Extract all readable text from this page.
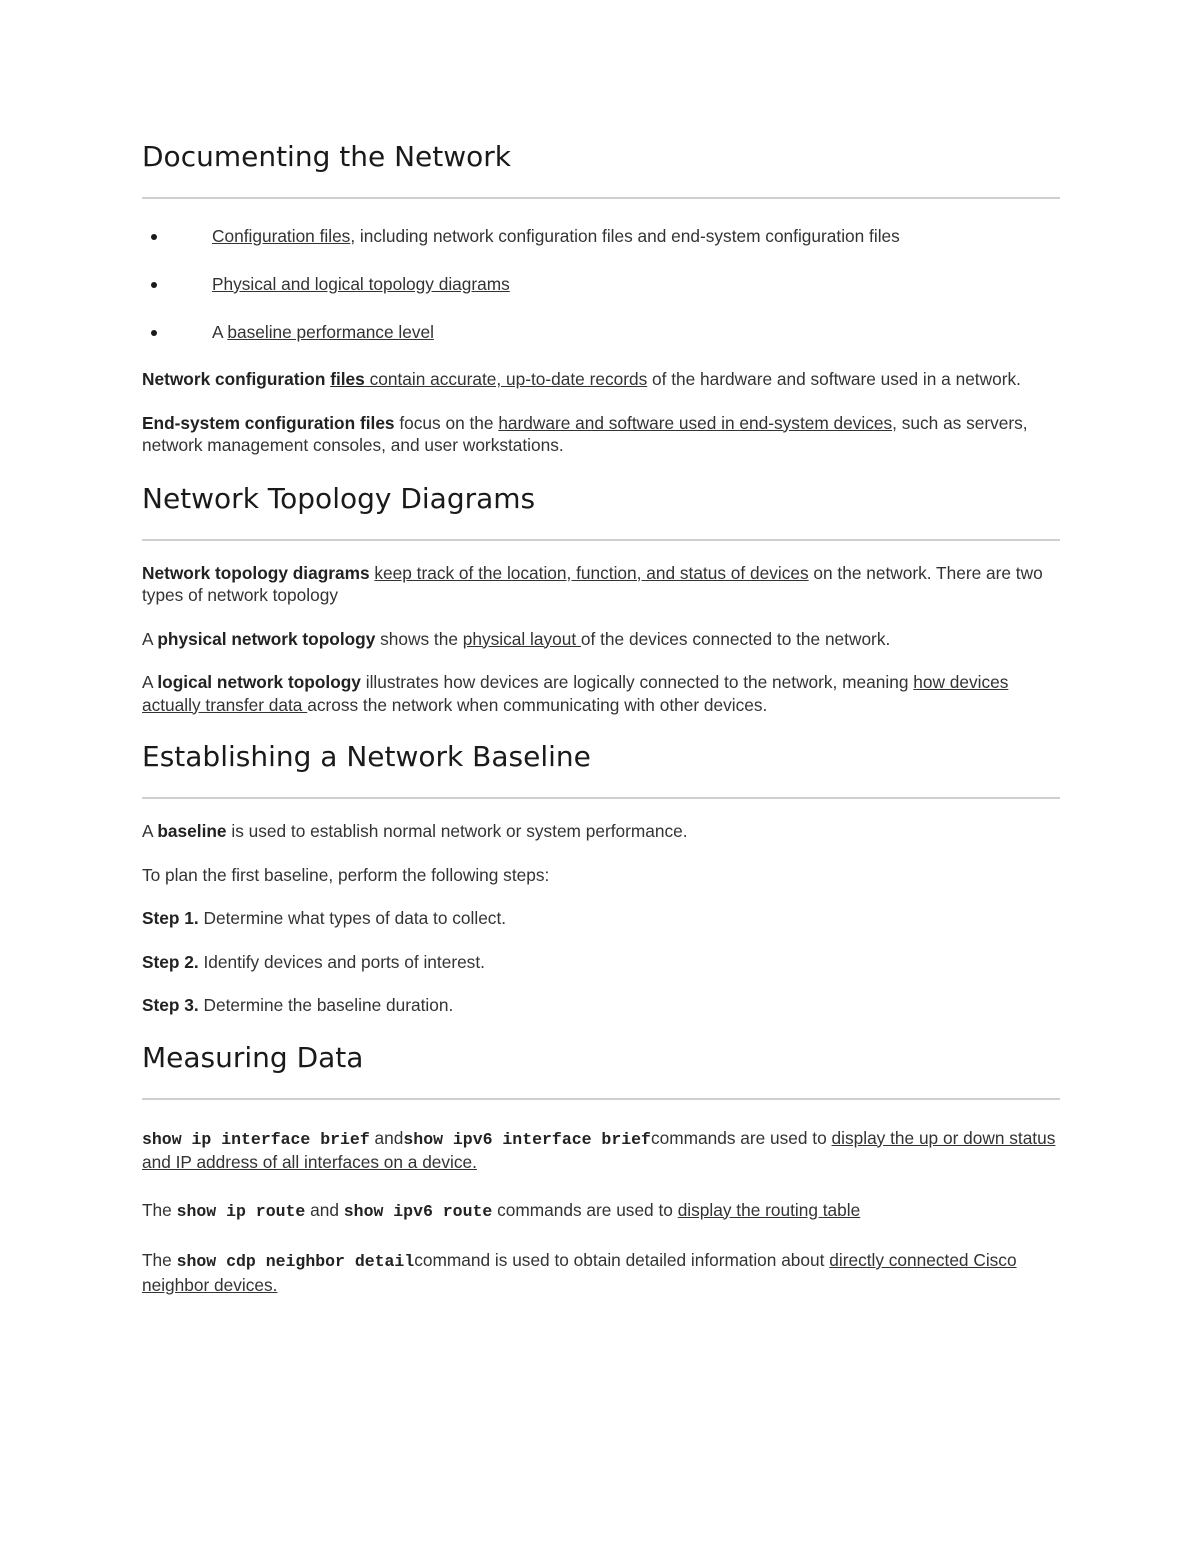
Documenting the Network
Configuration files, including network configuration files and end-system configuration files
Physical and logical topology diagrams
A baseline performance level

Network configuration files contain accurate, up-to-date records of the hardware and software used in a network.

End-system configuration files focus on the hardware and software used in end-system devices, such as servers, network management consoles, and user workstations.

Network Topology Diagrams

Network topology diagrams keep track of the location, function, and status of devices on the network. There are two types of network topology

A physical network topology shows the physical layout of the devices connected to the network.

A logical network topology illustrates how devices are logically connected to the network, meaning how devices actually transfer data across the network when communicating with other devices.

Establishing a Network Baseline

A baseline is used to establish normal network or system performance.

To plan the first baseline, perform the following steps:

Step 1. Determine what types of data to collect.

Step 2. Identify devices and ports of interest.

Step 3. Determine the baseline duration.

Measuring Data

show ip interface brief andshow ipv6 interface briefcommands are used to display the up or down status and IP address of all interfaces on a device.

The show ip route and show ipv6 route commands are used to display the routing table

The show cdp neighbor detailcommand is used to obtain detailed information about directly connected Cisco neighbor devices.
